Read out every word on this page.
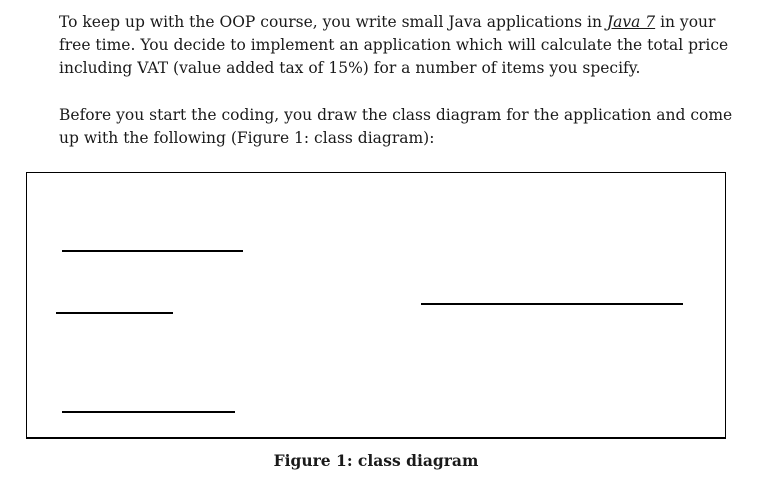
To keep up with the OOP course, you write small Java applications in Java 7 in your
free time. You decide to implement an application which will calculate the total price
including VAT (value added tax of 15%) for a number of items you specify.
Before you start the coding, you draw the class diagram for the application and come
up with the following (Figure 1: class diagram):

Figure 1: class diagram
